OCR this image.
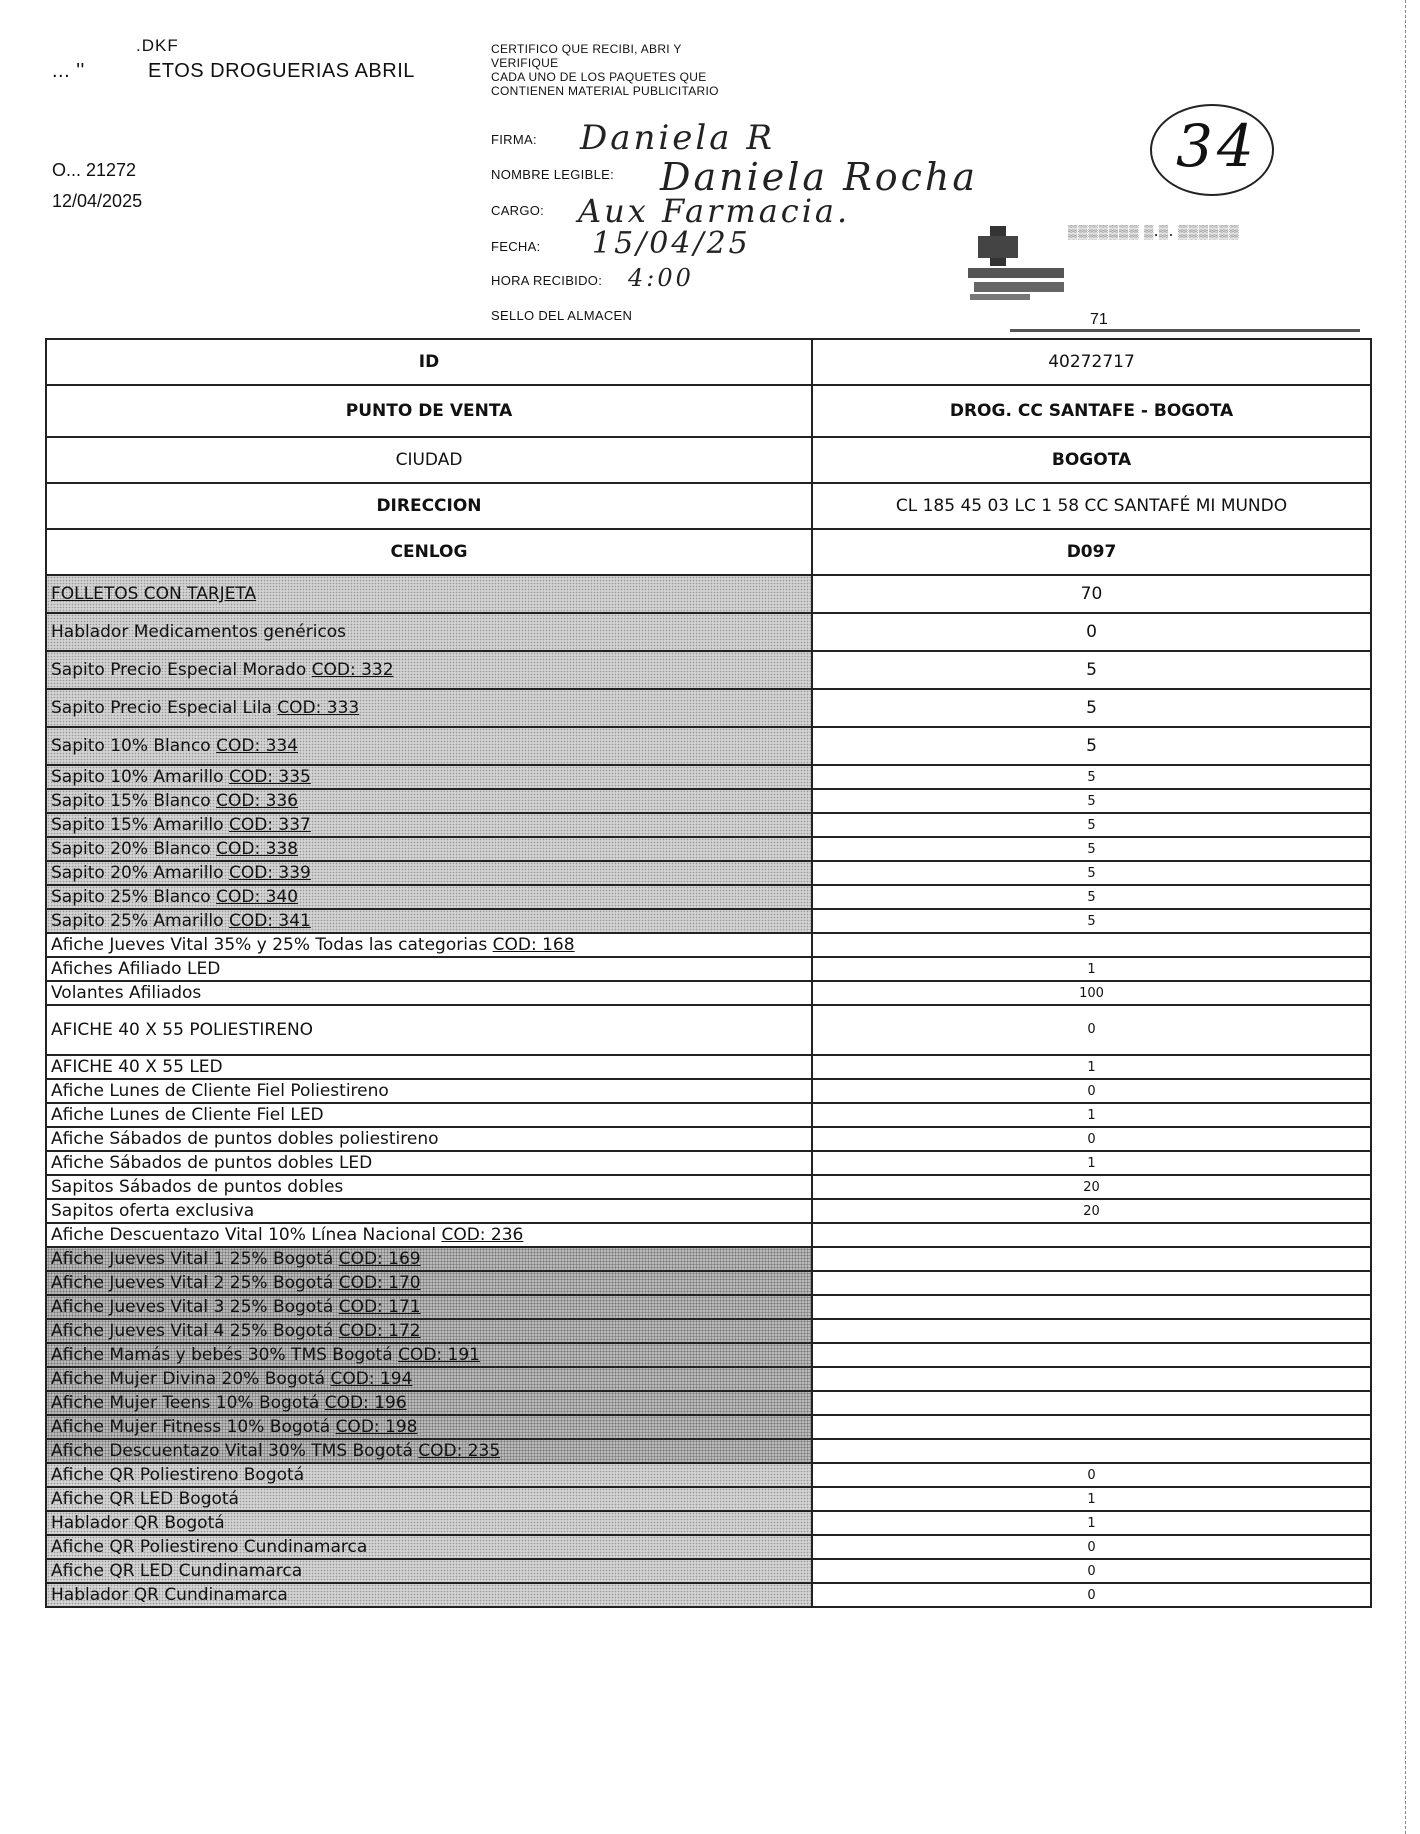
.DKF
... ''	ETOS DROGUERIAS ABRIL
O... 21272
12/04/2025
CERTIFICO QUE RECIBI, ABRI Y
VERIFIQUE
CADA UNO DE LOS PAQUETES QUE
CONTIENEN MATERIAL PUBLICITARIO
FIRMA:
NOMBRE LEGIBLE:
CARGO:
FECHA:
HORA RECIBIDO:
SELLO DEL ALMACEN
Daniela R
Daniela Rocha
Aux Farmacia.
15/04/25
4:00
34
▒▒▒▒▒▒▒ ▒.▒. ▒▒▒▒▒▒
71
ID	40272717
PUNTO DE VENTA	DROG. CC SANTAFE - BOGOTA
CIUDAD	BOGOTA
DIRECCION	CL 185 45 03 LC 1 58 CC SANTAFÉ MI MUNDO
CENLOG	D097
FOLLETOS CON TARJETA	70
Hablador Medicamentos genéricos	0
Sapito Precio Especial Morado COD: 332	5
Sapito Precio Especial Lila COD: 333	5
Sapito 10% Blanco COD: 334	5
Sapito 10% Amarillo COD: 335	5
Sapito 15% Blanco COD: 336	5
Sapito 15% Amarillo COD: 337	5
Sapito 20% Blanco COD: 338	5
Sapito 20% Amarillo COD: 339	5
Sapito 25% Blanco COD: 340	5
Sapito 25% Amarillo COD: 341	5
Afiche Jueves Vital 35% y 25% Todas las categorias COD: 168	
Afiches Afiliado LED	1
Volantes Afiliados	100
AFICHE 40 X 55 POLIESTIRENO	0
AFICHE 40 X 55 LED	1
Afiche Lunes de Cliente Fiel Poliestireno	0
Afiche Lunes de Cliente Fiel LED	1
Afiche Sábados de puntos dobles poliestireno	0
Afiche Sábados de puntos dobles LED	1
Sapitos Sábados de puntos dobles	20
Sapitos oferta exclusiva	20
Afiche Descuentazo Vital 10% Línea Nacional COD: 236	
Afiche Jueves Vital 1 25% Bogotá COD: 169	
Afiche Jueves Vital 2 25% Bogotá COD: 170	
Afiche Jueves Vital 3 25% Bogotá COD: 171	
Afiche Jueves Vital 4 25% Bogotá COD: 172	
Afiche Mamás y bebés 30% TMS Bogotá COD: 191	
Afiche Mujer Divina 20% Bogotá COD: 194	
Afiche Mujer Teens 10% Bogotá COD: 196	
Afiche Mujer Fitness 10% Bogotá COD: 198	
Afiche Descuentazo Vital 30% TMS Bogotá COD: 235	
Afiche QR Poliestireno Bogotá	0
Afiche QR LED Bogotá	1
Hablador QR Bogotá	1
Afiche QR Poliestireno Cundinamarca	0
Afiche QR LED Cundinamarca	0
Hablador QR Cundinamarca	0
